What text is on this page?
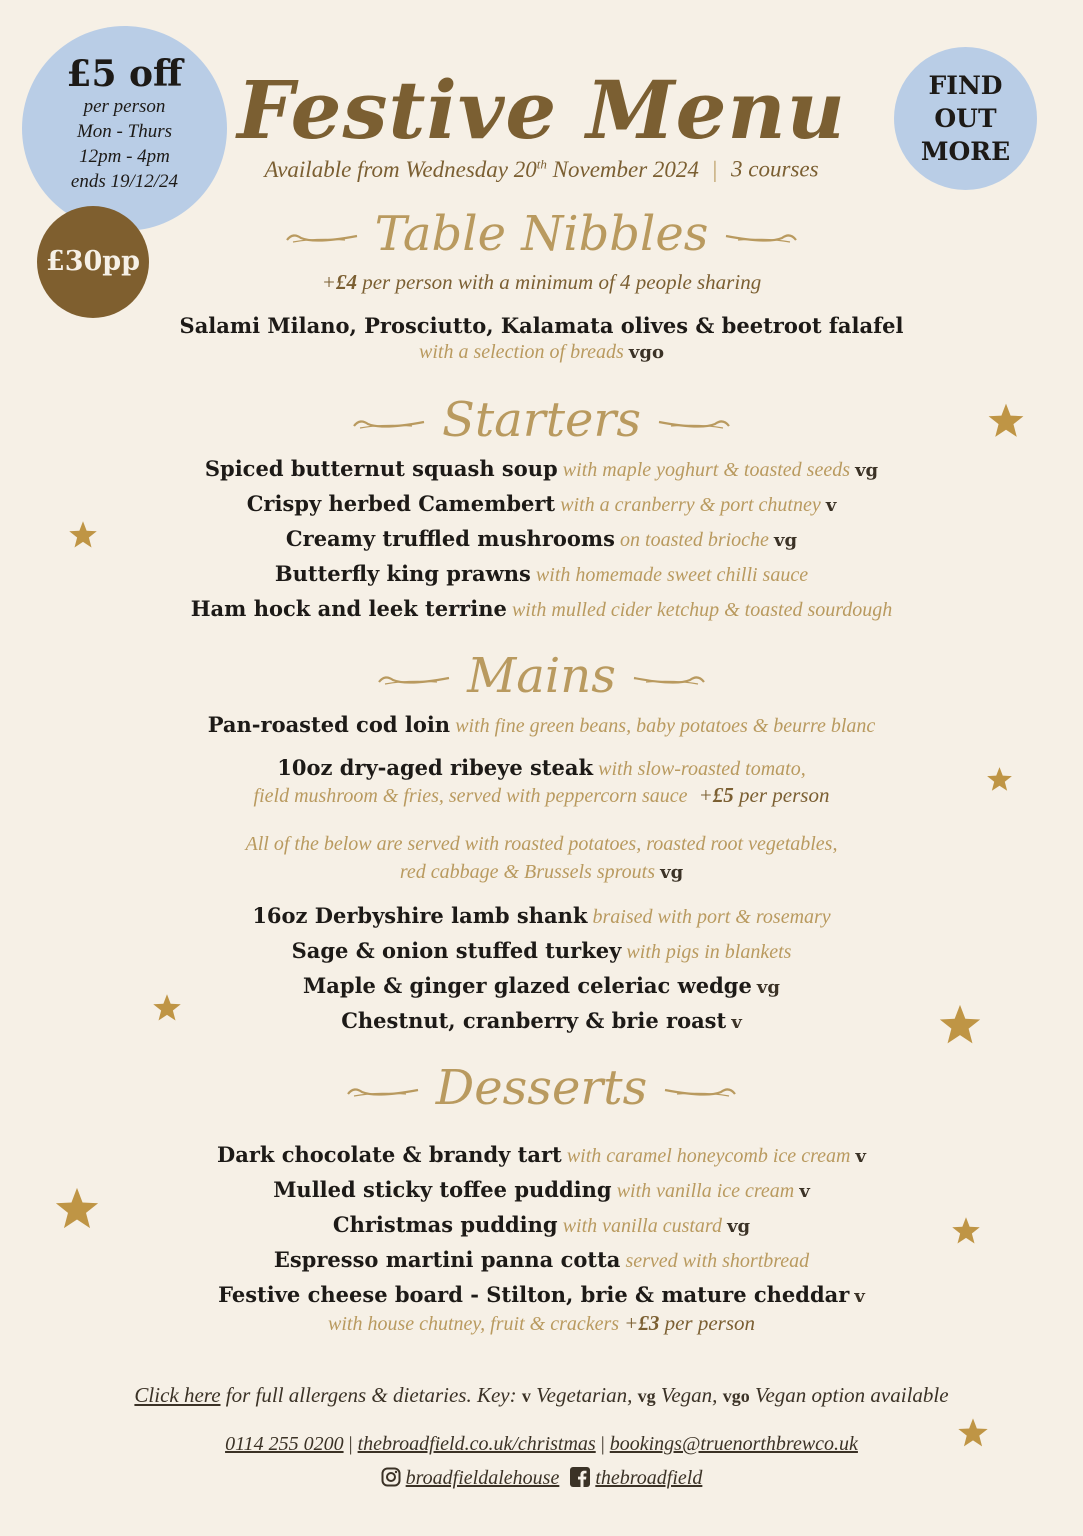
£5 off
per person
Mon - Thurs
12pm - 4pm
ends 19/12/24
£30pp
FIND
OUT
MORE
Festive Menu
Available from Wednesday 20th November 2024 | 3 courses
Table Nibbles
+£4 per person with a minimum of 4 people sharing
Salami Milano, Prosciutto, Kalamata olives & beetroot falafel
with a selection of breads vgo
Starters
Spiced butternut squash soup with maple yoghurt & toasted seeds vg
Crispy herbed Camembert with a cranberry & port chutney v
Creamy truffled mushrooms on toasted brioche vg
Butterfly king prawns with homemade sweet chilli sauce
Ham hock and leek terrine with mulled cider ketchup & toasted sourdough
Mains
Pan-roasted cod loin with fine green beans, baby potatoes & beurre blanc
10oz dry-aged ribeye steak with slow-roasted tomato,
field mushroom & fries, served with peppercorn sauce +£5 per person
All of the below are served with roasted potatoes, roasted root vegetables,
red cabbage & Brussels sprouts vg
16oz Derbyshire lamb shank braised with port & rosemary
Sage & onion stuffed turkey with pigs in blankets
Maple & ginger glazed celeriac wedge vg
Chestnut, cranberry & brie roast v
Desserts
Dark chocolate & brandy tart with caramel honeycomb ice cream v
Mulled sticky toffee pudding with vanilla ice cream v
Christmas pudding with vanilla custard vg
Espresso martini panna cotta served with shortbread
Festive cheese board - Stilton, brie & mature cheddar v
with house chutney, fruit & crackers +£3 per person
Click here for full allergens & dietaries. Key: v Vegetarian, vg Vegan, vgo Vegan option available
0114 255 0200 | thebroadfield.co.uk/christmas | bookings@truenorthbrewco.uk
broadfieldalehouse thebroadfield
